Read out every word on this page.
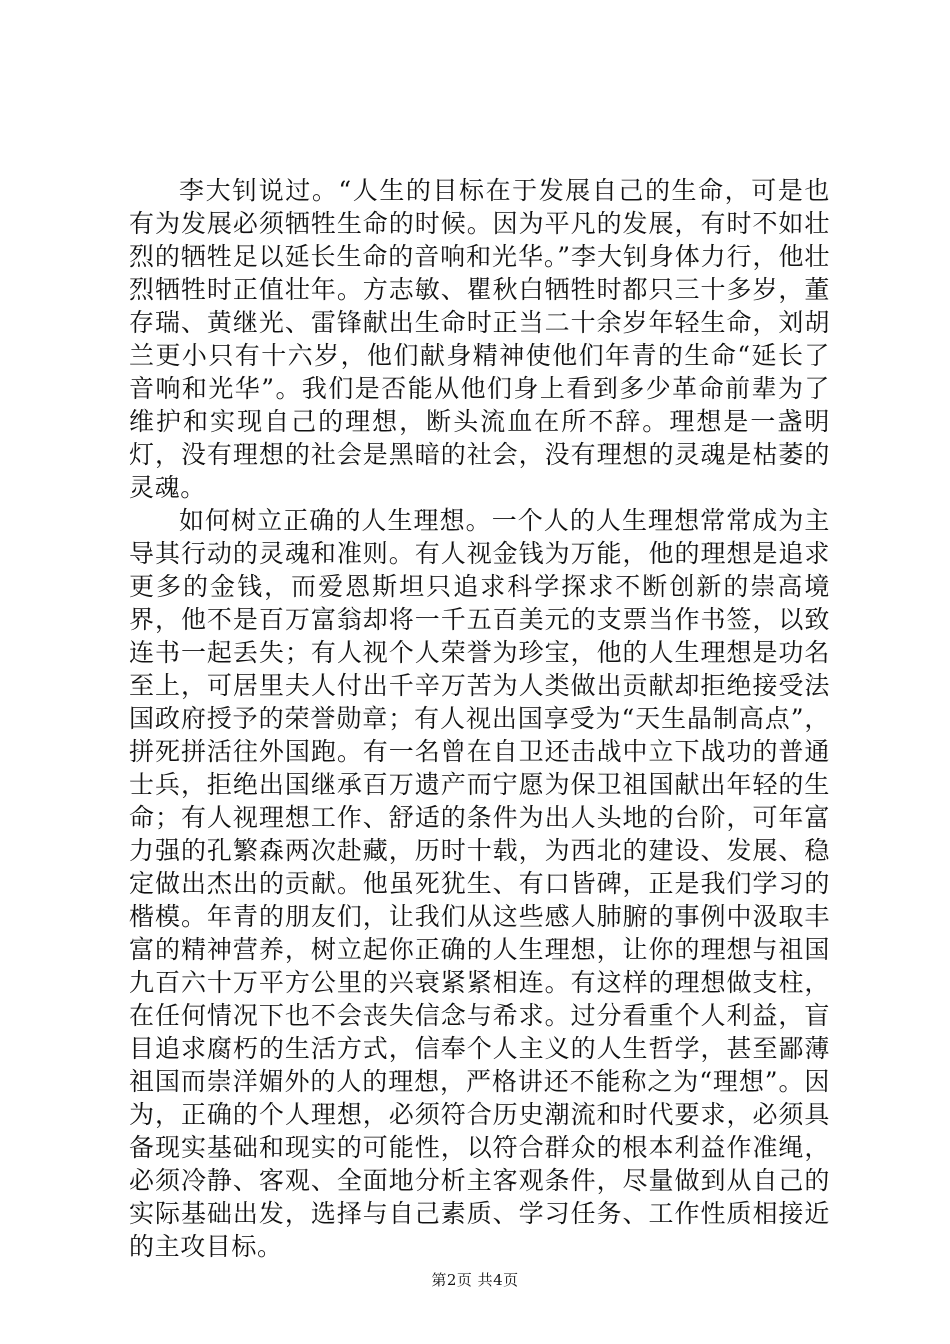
李大钊说过。“人生的目标在于发展自己的生命，可是也有为发展必须牺牲生命的时候。因为平凡的发展，有时不如壮烈的牺牲足以延长生命的音响和光华。”李大钊身体力行，他壮烈牺牲时正值壮年。方志敏、瞿秋白牺牲时都只三十多岁，董存瑞、黄继光、雷锋献出生命时正当二十余岁年轻生命，刘胡兰更小只有十六岁，他们献身精神使他们年青的生命“延长了音响和光华”。我们是否能从他们身上看到多少革命前辈为了维护和实现自己的理想，断头流血在所不辞。理想是一盏明灯，没有理想的社会是黑暗的社会，没有理想的灵魂是枯萎的灵魂。

如何树立正确的人生理想。一个人的人生理想常常成为主导其行动的灵魂和准则。有人视金钱为万能，他的理想是追求更多的金钱，而爱恩斯坦只追求科学探求不断创新的崇高境界，他不是百万富翁却将一千五百美元的支票当作书签，以致连书一起丢失；有人视个人荣誉为珍宝，他的人生理想是功名至上，可居里夫人付出千辛万苦为人类做出贡献却拒绝接受法国政府授予的荣誉勋章；有人视出国享受为“天生晶制高点”，拼死拼活往外国跑。有一名曾在自卫还击战中立下战功的普通士兵，拒绝出国继承百万遗产而宁愿为保卫祖国献出年轻的生命；有人视理想工作、舒适的条件为出人头地的台阶，可年富力强的孔繁森两次赴藏，历时十载，为西北的建设、发展、稳定做出杰出的贡献。他虽死犹生、有口皆碑，正是我们学习的楷模。年青的朋友们，让我们从这些感人肺腑的事例中汲取丰富的精神营养，树立起你正确的人生理想，让你的理想与祖国九百六十万平方公里的兴衰紧紧相连。有这样的理想做支柱，在任何情况下也不会丧失信念与希求。过分看重个人利益，盲目追求腐朽的生活方式，信奉个人主义的人生哲学，甚至鄙薄祖国而崇洋媚外的人的理想，严格讲还不能称之为“理想”。因为，正确的个人理想，必须符合历史潮流和时代要求，必须具备现实基础和现实的可能性，以符合群众的根本利益作准绳，必须冷静、客观、全面地分析主客观条件，尽量做到从自己的实际基础出发，选择与自己素质、学习任务、工作性质相接近的主攻目标。

第2页 共4页
